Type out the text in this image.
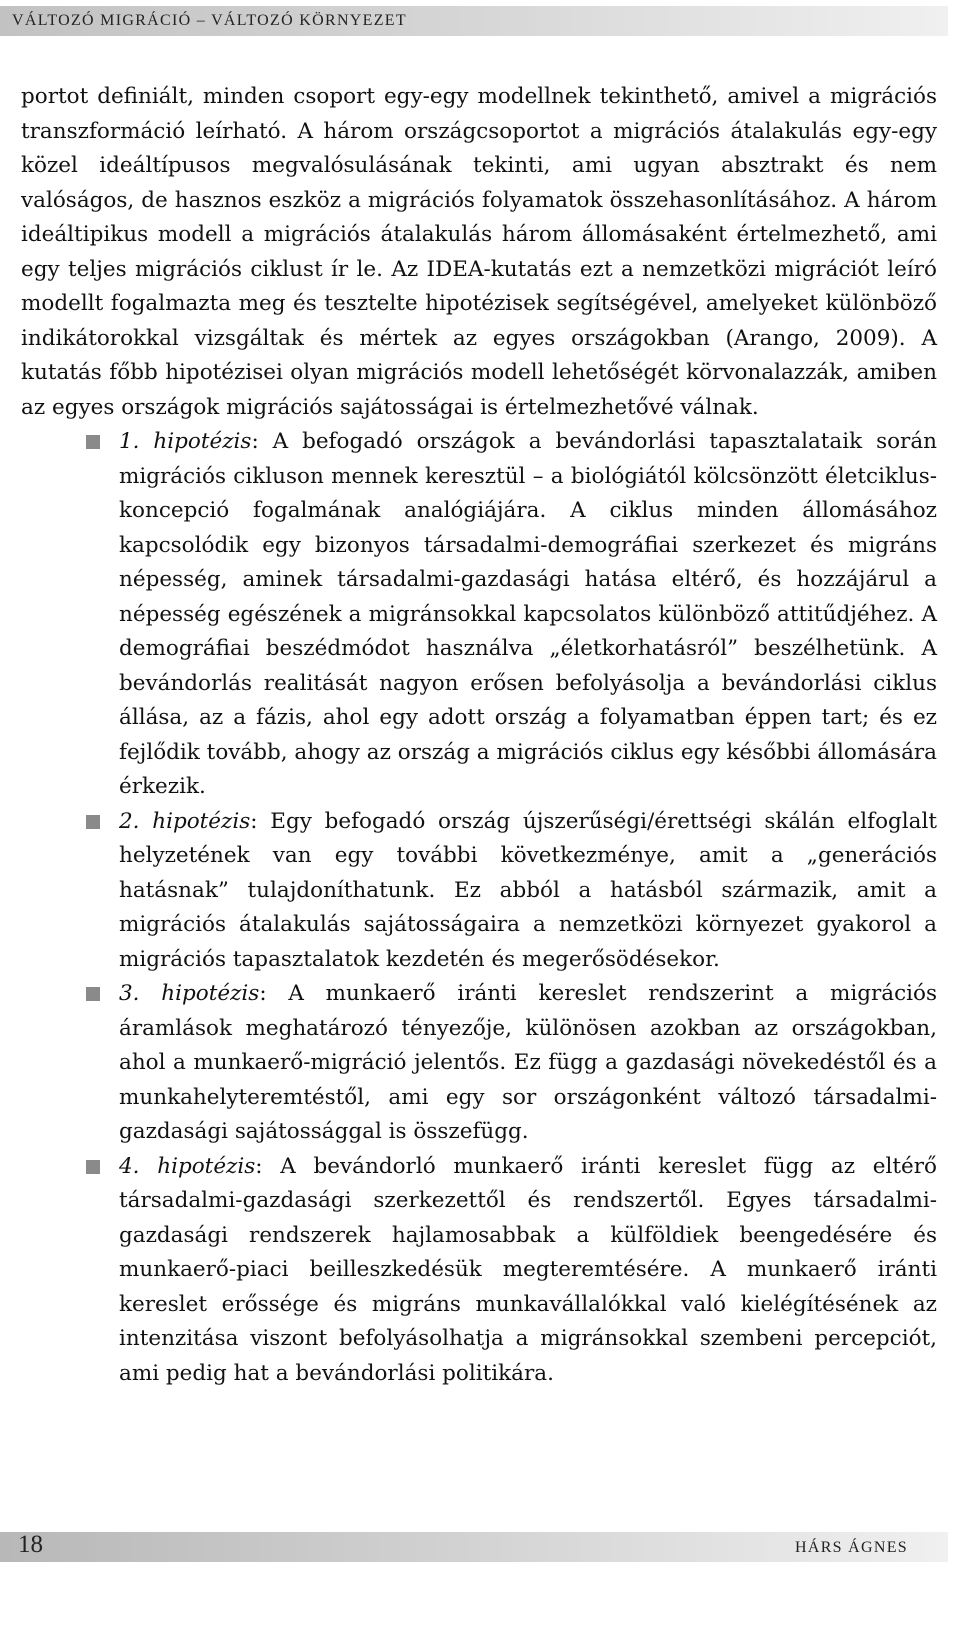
VÁLTOZÓ MIGRÁCIÓ – VÁLTOZÓ KÖRNYEZET

portot definiált, minden csoport egy-egy modellnek tekinthető, amivel a migrációs transzformáció leírható. A három országcsoportot a migrációs átalakulás egy-egy közel ideáltípusos megvalósulásának tekinti, ami ugyan absztrakt és nem valóságos, de hasznos eszköz a migrációs folyamatok összehasonlításához. A három ideáltipikus modell a migrációs átalakulás három állomásaként értelmezhető, ami egy teljes migrációs ciklust ír le. Az IDEA-kutatás ezt a nemzetközi migrációt leíró modellt fogalmazta meg és tesztelte hipotézisek segítségével, amelyeket különböző indikátorokkal vizsgáltak és mértek az egyes országokban (Arango, 2009). A kutatás főbb hipotézisei olyan migrációs modell lehetőségét körvonalazzák, amiben az egyes országok migrációs sajátosságai is értelmezhetővé válnak.

1. hipotézis: A befogadó országok a bevándorlási tapasztalataik során migrációs cikluson mennek keresztül – a biológiától kölcsönzött életciklus-koncepció fogalmának analógiájára. A ciklus minden állomásához kapcsolódik egy bizonyos társadalmi-demográfiai szerkezet és migráns népesség, aminek társadalmi-gazdasági hatása eltérő, és hozzájárul a népesség egészének a migránsokkal kapcsolatos különböző attitűdjéhez. A demográfiai beszédmódot használva „életkorhatásról” beszélhetünk. A bevándorlás realitását nagyon erősen befolyásolja a bevándorlási ciklus állása, az a fázis, ahol egy adott ország a folyamatban éppen tart; és ez fejlődik tovább, ahogy az ország a migrációs ciklus egy későbbi állomására érkezik.
2. hipotézis: Egy befogadó ország újszerűségi/érettségi skálán elfoglalt helyzetének van egy további következménye, amit a „generációs hatásnak” tulajdoníthatunk. Ez abból a hatásból származik, amit a migrációs átalakulás sajátosságaira a nemzetközi környezet gyakorol a migrációs tapasztalatok kezdetén és megerősödésekor.
3. hipotézis: A munkaerő iránti kereslet rendszerint a migrációs áramlások meghatározó tényezője, különösen azokban az országokban, ahol a munkaerő-migráció jelentős. Ez függ a gazdasági növekedéstől és a munkahelyteremtéstől, ami egy sor országonként változó társadalmi-gazdasági sajátossággal is összefügg.
4. hipotézis: A bevándorló munkaerő iránti kereslet függ az eltérő társadalmi-gazdasági szerkezettől és rendszertől. Egyes társadalmi-gazdasági rendszerek hajlamosabbak a külföldiek beengedésére és munkaerő-piaci beilleszkedésük megteremtésére. A munkaerő iránti kereslet erőssége és migráns munkavállalókkal való kielégítésének az intenzitása viszont befolyásolhatja a migránsokkal szembeni percepciót, ami pedig hat a bevándorlási politikára.
18	HÁRS ÁGNES
